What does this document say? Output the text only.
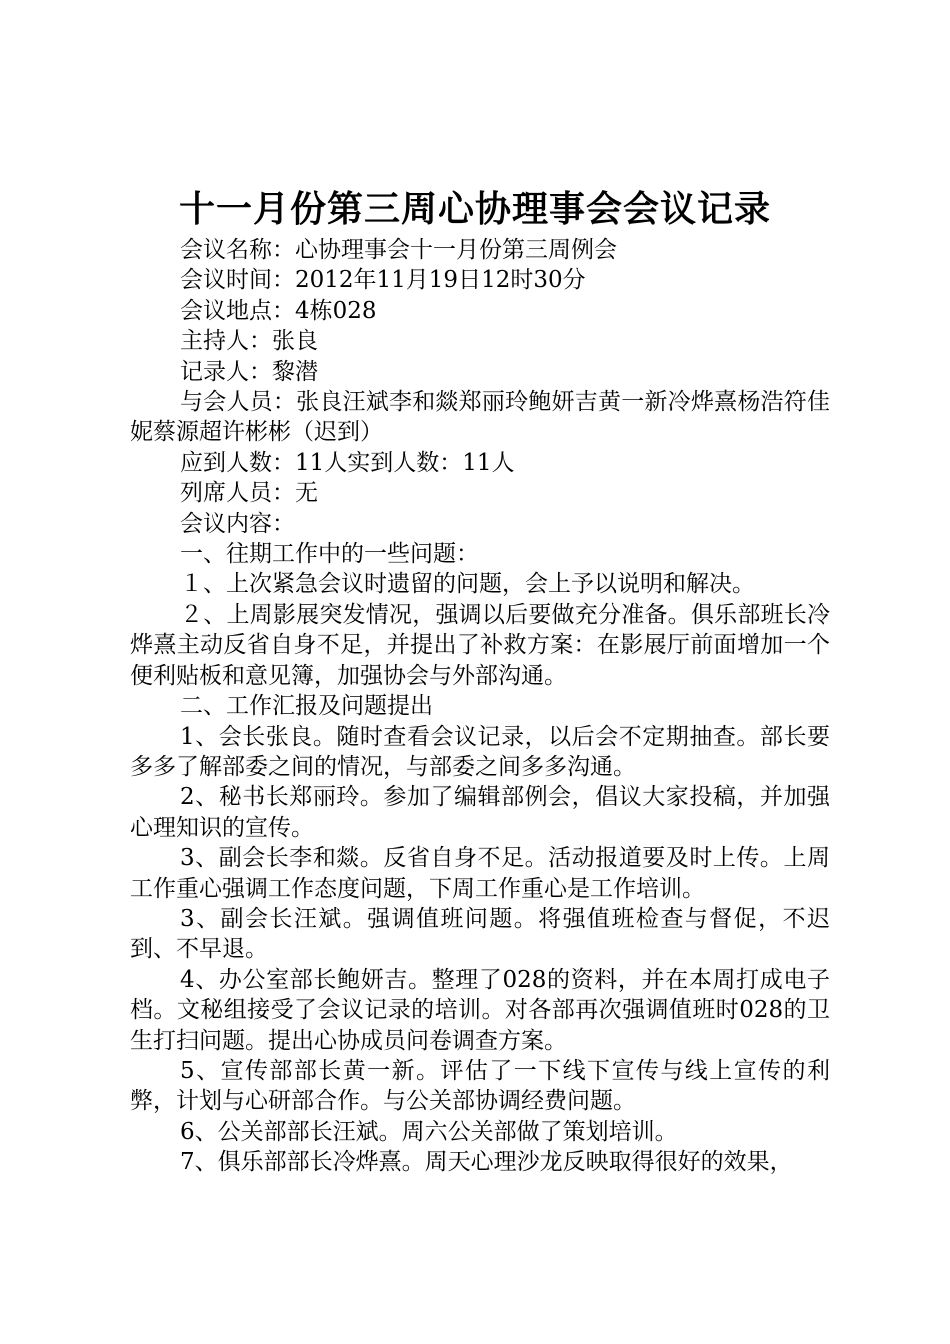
十一月份第三周心协理事会会议记录

会议名称：心协理事会十一月份第三周例会

会议时间：2012年11月19日12时30分

会议地点：4栋028

主持人：张良

记录人：黎潜

与会人员：张良汪斌李和燚郑丽玲鲍妍吉黄一新冷烨熹杨浩符佳妮蔡源超许彬彬（迟到）

应到人数：11人实到人数：11人

列席人员：无

会议内容：

一、往期工作中的一些问题：

１、上次紧急会议时遗留的问题，会上予以说明和解决。

２、上周影展突发情况，强调以后要做充分准备。俱乐部班长冷烨熹主动反省自身不足，并提出了补救方案：在影展厅前面增加一个便利贴板和意见簿，加强协会与外部沟通。

二、工作汇报及问题提出

1、会长张良。随时查看会议记录，以后会不定期抽查。部长要多多了解部委之间的情况，与部委之间多多沟通。

2、秘书长郑丽玲。参加了编辑部例会，倡议大家投稿，并加强心理知识的宣传。

3、副会长李和燚。反省自身不足。活动报道要及时上传。上周工作重心强调工作态度问题，下周工作重心是工作培训。

3、副会长汪斌。强调值班问题。将强值班检查与督促，不迟到、不早退。

4、办公室部长鲍妍吉。整理了028的资料，并在本周打成电子档。文秘组接受了会议记录的培训。对各部再次强调值班时028的卫生打扫问题。提出心协成员问卷调查方案。

5、宣传部部长黄一新。评估了一下线下宣传与线上宣传的利弊，计划与心研部合作。与公关部协调经费问题。

6、公关部部长汪斌。周六公关部做了策划培训。

7、俱乐部部长冷烨熹。周天心理沙龙反映取得很好的效果，
